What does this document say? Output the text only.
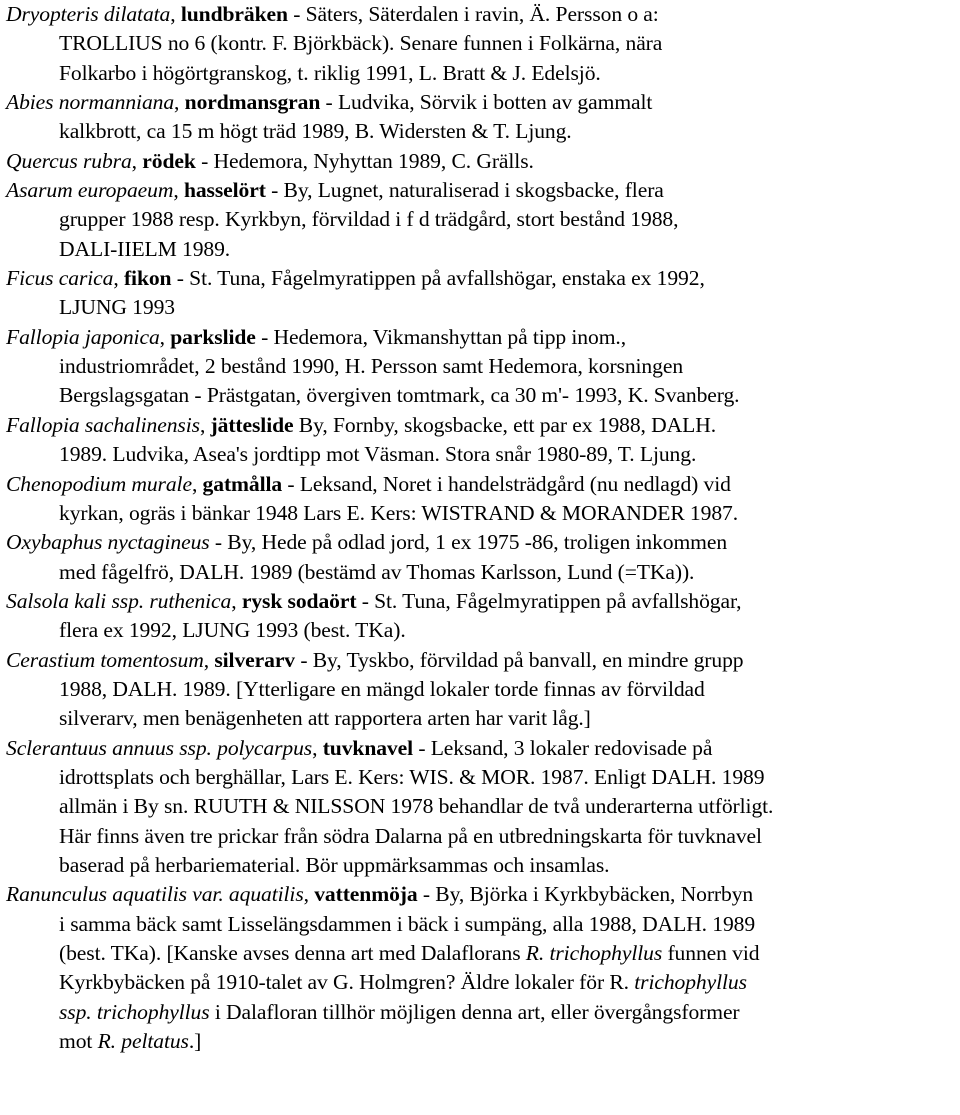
Dryopteris dilatata, lundbräken - Säters, Säterdalen i ravin, Ä. Persson o a:
TROLLIUS no 6 (kontr. F. Björkbäck). Senare funnen i Folkärna, nära
Folkarbo i högörtgranskog, t. riklig 1991, L. Bratt & J. Edelsjö.
Abies normanniana, nordmansgran - Ludvika, Sörvik i botten av gammalt
kalkbrott, ca 15 m högt träd 1989, B. Widersten & T. Ljung.
Quercus rubra, rödek - Hedemora, Nyhyttan 1989, C. Grälls.
Asarum europaeum, hasselört - By, Lugnet, naturaliserad i skogsbacke, flera
grupper 1988 resp. Kyrkbyn, förvildad i f d trädgård, stort bestånd 1988,
DALI-IIELM 1989.
Ficus carica, fikon - St. Tuna, Fågelmyratippen på avfallshögar, enstaka ex 1992,
LJUNG 1993
Fallopia japonica, parkslide - Hedemora, Vikmanshyttan på tipp inom.,
industriområdet, 2 bestånd 1990, H. Persson samt Hedemora, korsningen
Bergslagsgatan - Prästgatan, övergiven tomtmark, ca 30 m'- 1993, K. Svanberg.
Fallopia sachalinensis, jätteslide By, Fornby, skogsbacke, ett par ex 1988, DALH.
1989. Ludvika, Asea's jordtipp mot Väsman. Stora snår 1980-89, T. Ljung.
Chenopodium murale, gatmålla - Leksand, Noret i handelsträdgård (nu nedlagd) vid
kyrkan, ogräs i bänkar 1948 Lars E. Kers: WISTRAND & MORANDER 1987.
Oxybaphus nyctagineus - By, Hede på odlad jord, 1 ex 1975 -86, troligen inkommen
med fågelfrö, DALH. 1989 (bestämd av Thomas Karlsson, Lund (=TKa)).
Salsola kali ssp. ruthenica, rysk sodaört - St. Tuna, Fågelmyratippen på avfallshögar,
flera ex 1992, LJUNG 1993 (best. TKa).
Cerastium tomentosum, silverarv - By, Tyskbo, förvildad på banvall, en mindre grupp
1988, DALH. 1989. [Ytterligare en mängd lokaler torde finnas av förvildad
silverarv, men benägenheten att rapportera arten har varit låg.]
Sclerantuus annuus ssp. polycarpus, tuvknavel - Leksand, 3 lokaler redovisade på
idrottsplats och berghällar, Lars E. Kers: WIS. & MOR. 1987. Enligt DALH. 1989
allmän i By sn. RUUTH & NILSSON 1978 behandlar de två underarterna utförligt.
Här finns även tre prickar från södra Dalarna på en utbredningskarta för tuvknavel
baserad på herbariematerial. Bör uppmärksammas och insamlas.
Ranunculus aquatilis var. aquatilis, vattenmöja - By, Björka i Kyrkbybäcken, Norrbyn
i samma bäck samt Lisselängsdammen i bäck i sumpäng, alla 1988, DALH. 1989
(best. TKa). [Kanske avses denna art med Dalaflorans R. trichophyllus funnen vid
Kyrkbybäcken på 1910-talet av G. Holmgren? Äldre lokaler för R. trichophyllus
ssp. trichophyllus i Dalafloran tillhör möjligen denna art, eller övergångsformer
mot R. peltatus.]
